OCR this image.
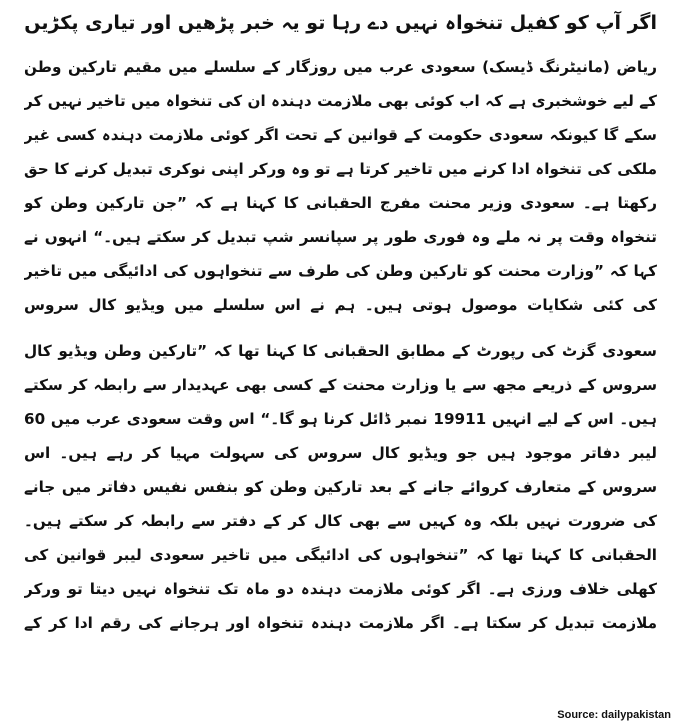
اگر آپ کو کفیل تنخواہ نہیں دے رہا تو یہ خبر پڑھیں اور تیاری پکڑیں

ریاض (مانیٹرنگ ڈیسک) سعودی عرب میں روزگار کے سلسلے میں مقیم تارکین وطن کے لیے خوشخبری ہے کہ اب کوئی بھی ملازمت دہندہ ان کی تنخواہ میں تاخیر نہیں کر سکے گا کیونکہ سعودی حکومت کے قوانین کے تحت اگر کوئی ملازمت دہندہ کسی غیر ملکی کی تنخواہ ادا کرنے میں تاخیر کرتا ہے تو وہ ورکر اپنی نوکری تبدیل کرنے کا حق رکھتا ہے۔ سعودی وزیر محنت مفرج الحقبانی کا کہنا ہے کہ ”جن تارکین وطن کو تنخواہ وقت پر نہ ملے وہ فوری طور پر سپانسر شپ تبدیل کر سکتے ہیں۔“ انہوں نے کہا کہ ”وزارت محنت کو تارکین وطن کی طرف سے تنخواہوں کی ادائیگی میں تاخیر کی کئی شکایات موصول ہوتی ہیں۔ ہم نے اس سلسلے میں ویڈیو کال سروس

سعودی گزٹ کی رپورٹ کے مطابق الحقبانی کا کہنا تھا کہ ”تارکین وطن ویڈیو کال سروس کے ذریعے مجھ سے یا وزارت محنت کے کسی بھی عہدیدار سے رابطہ کر سکتے ہیں۔ اس کے لیے انہیں 19911 نمبر ڈائل کرنا ہو گا۔“ اس وقت سعودی عرب میں 60 لیبر دفاتر موجود ہیں جو ویڈیو کال سروس کی سہولت مہیا کر رہے ہیں۔ اس سروس کے متعارف کروائے جانے کے بعد تارکین وطن کو بنفس نفیس دفاتر میں جانے کی ضرورت نہیں بلکہ وہ کہیں سے بھی کال کر کے دفتر سے رابطہ کر سکتے ہیں۔ الحقبانی کا کہنا تھا کہ ”تنخواہوں کی ادائیگی میں تاخیر سعودی لیبر قوانین کی کھلی خلاف ورزی ہے۔ اگر کوئی ملازمت دہندہ دو ماہ تک تنخواہ نہیں دیتا تو ورکر ملازمت تبدیل کر سکتا ہے۔ اگر ملازمت دہندہ تنخواہ اور ہرجانے کی رقم ادا کر کے

Source: dailypakistan
